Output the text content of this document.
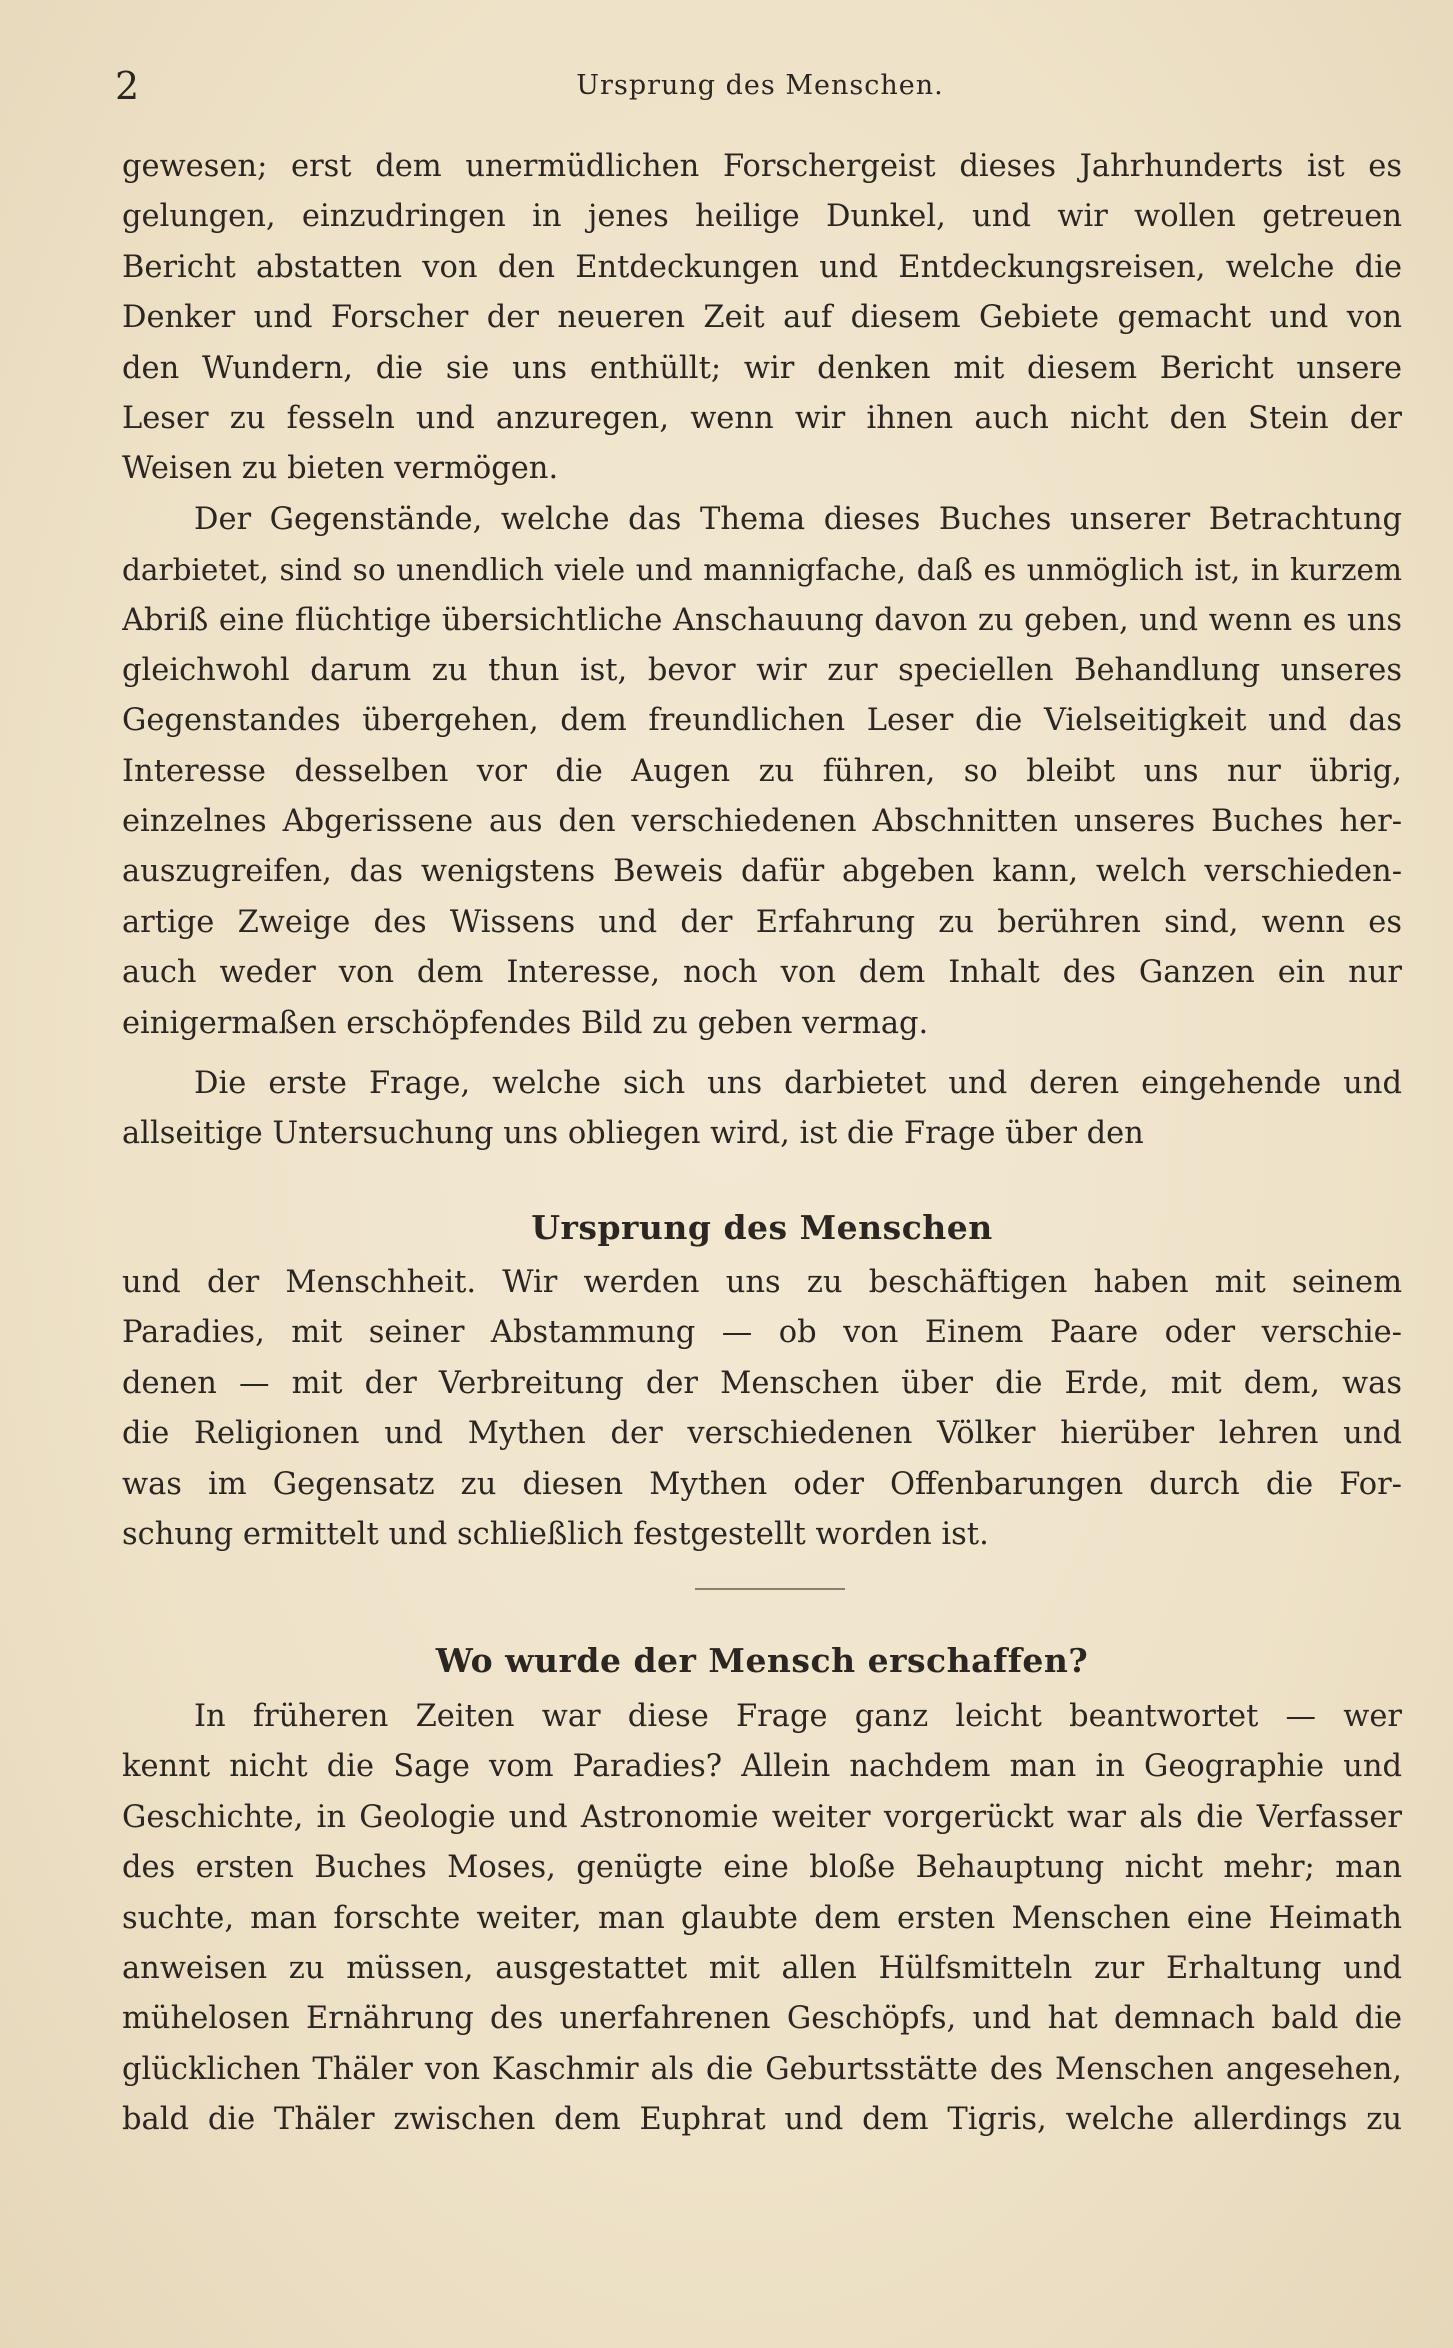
2	Ursprung des Menschen.
gewesen; erst dem unermüdlichen Forschergeist dieses Jahrhunderts ist es
gelungen, einzudringen in jenes heilige Dunkel, und wir wollen getreuen
Bericht abstatten von den Entdeckungen und Entdeckungsreisen, welche die
Denker und Forscher der neueren Zeit auf diesem Gebiete gemacht und von
den Wundern, die sie uns enthüllt; wir denken mit diesem Bericht unsere
Leser zu fesseln und anzuregen, wenn wir ihnen auch nicht den Stein der
Weisen zu bieten vermögen.
Der Gegenstände, welche das Thema dieses Buches unserer Betrachtung
darbietet, sind so unendlich viele und mannigfache, daß es unmöglich ist, in kurzem
Abriß eine flüchtige übersichtliche Anschauung davon zu geben, und wenn es uns
gleichwohl darum zu thun ist, bevor wir zur speciellen Behandlung unseres
Gegenstandes übergehen, dem freundlichen Leser die Vielseitigkeit und das
Interesse desselben vor die Augen zu führen, so bleibt uns nur übrig,
einzelnes Abgerissene aus den verschiedenen Abschnitten unseres Buches her-
auszugreifen, das wenigstens Beweis dafür abgeben kann, welch verschieden-
artige Zweige des Wissens und der Erfahrung zu berühren sind, wenn es
auch weder von dem Interesse, noch von dem Inhalt des Ganzen ein nur
einigermaßen erschöpfendes Bild zu geben vermag.
Die erste Frage, welche sich uns darbietet und deren eingehende und
allseitige Untersuchung uns obliegen wird, ist die Frage über den
Ursprung des Menschen
und der Menschheit. Wir werden uns zu beschäftigen haben mit seinem
Paradies, mit seiner Abstammung — ob von Einem Paare oder verschie-
denen — mit der Verbreitung der Menschen über die Erde, mit dem, was
die Religionen und Mythen der verschiedenen Völker hierüber lehren und
was im Gegensatz zu diesen Mythen oder Offenbarungen durch die For-
schung ermittelt und schließlich festgestellt worden ist.
Wo wurde der Mensch erschaffen?
In früheren Zeiten war diese Frage ganz leicht beantwortet — wer
kennt nicht die Sage vom Paradies? Allein nachdem man in Geographie und
Geschichte, in Geologie und Astronomie weiter vorgerückt war als die Verfasser
des ersten Buches Moses, genügte eine bloße Behauptung nicht mehr; man
suchte, man forschte weiter, man glaubte dem ersten Menschen eine Heimath
anweisen zu müssen, ausgestattet mit allen Hülfsmitteln zur Erhaltung und
mühelosen Ernährung des unerfahrenen Geschöpfs, und hat demnach bald die
glücklichen Thäler von Kaschmir als die Geburtsstätte des Menschen angesehen,
bald die Thäler zwischen dem Euphrat und dem Tigris, welche allerdings zu
